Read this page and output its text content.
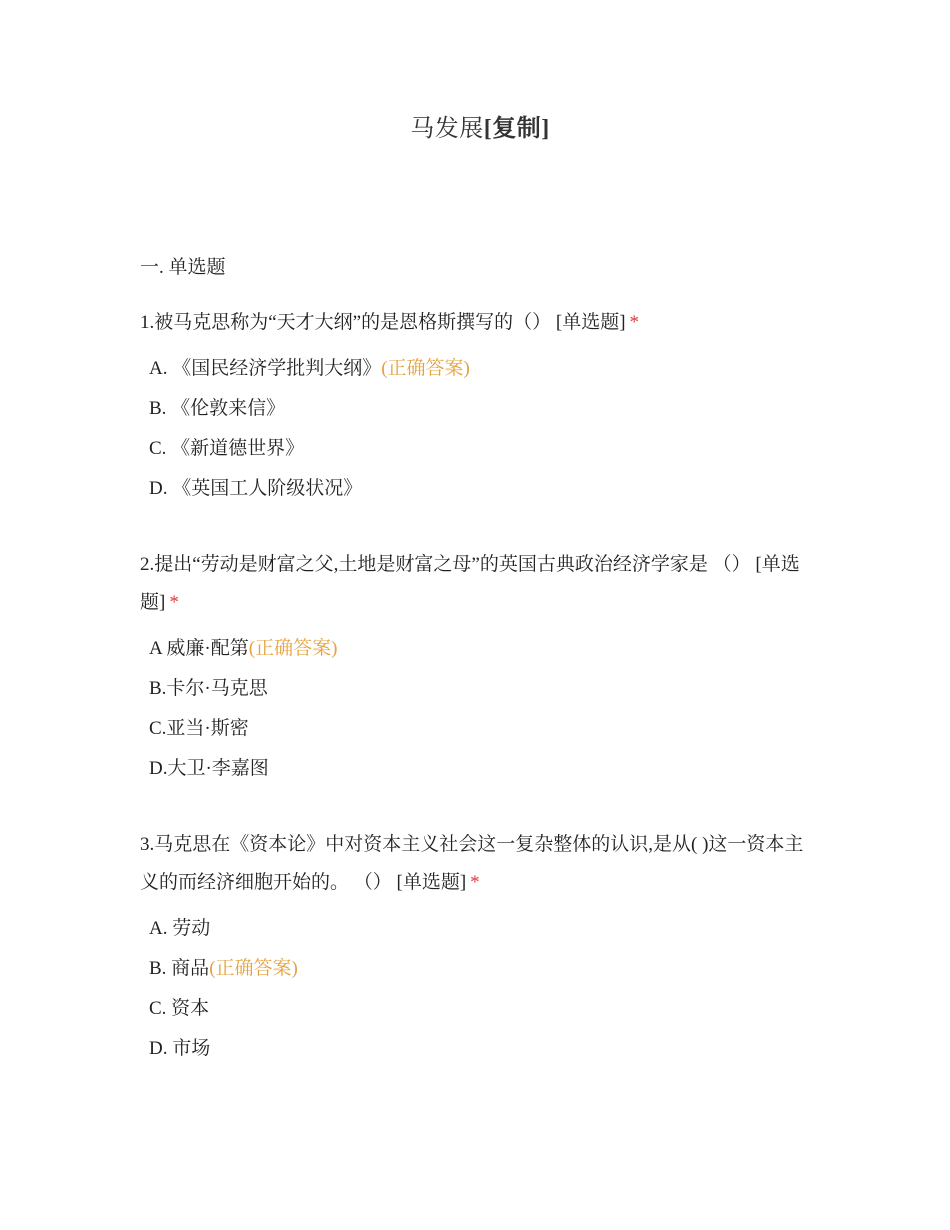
马发展[复制]
一. 单选题

1.被马克思称为“天才大纲”的是恩格斯撰写的（） [单选题] *

A. 《国民经济学批判大纲》(正确答案)
B. 《伦敦来信》
C. 《新道德世界》
D. 《英国工人阶级状况》

2.提出“劳动是财富之父,土地是财富之母”的英国古典政治经济学家是 （） [单选题] *

A 威廉·配第(正确答案)
B.卡尔·马克思
C.亚当·斯密
D.大卫·李嘉图

3.马克思在《资本论》中对资本主义社会这一复杂整体的认识,是从( )这一资本主义的而经济细胞开始的。 （） [单选题] *

A. 劳动
B. 商品(正确答案)
C. 资本
D. 市场
